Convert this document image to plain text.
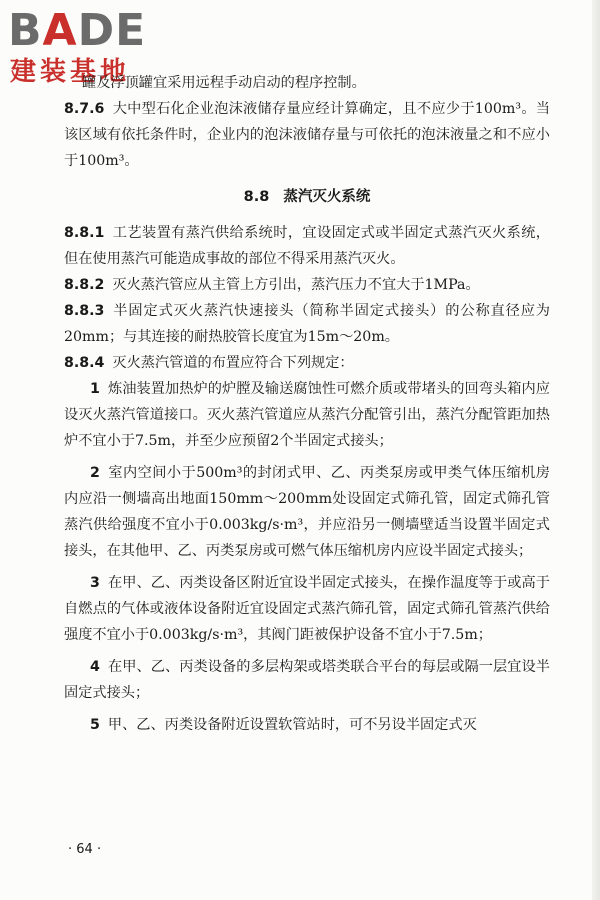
BADE
建装基地

罐及浮顶罐宜采用远程手动启动的程序控制。

8.7.6 大中型石化企业泡沫液储存量应经计算确定，且不应少于100m³。当该区域有依托条件时，企业内的泡沫液储存量与可依托的泡沫液量之和不应小于100m³。

8.8 蒸汽灭火系统

8.8.1 工艺装置有蒸汽供给系统时，宜设固定式或半固定式蒸汽灭火系统，但在使用蒸汽可能造成事故的部位不得采用蒸汽灭火。

8.8.2 灭火蒸汽管应从主管上方引出，蒸汽压力不宜大于1MPa。

8.8.3 半固定式灭火蒸汽快速接头（简称半固定式接头）的公称直径应为20mm；与其连接的耐热胶管长度宜为15m～20m。

8.8.4 灭火蒸汽管道的布置应符合下列规定：

1 炼油装置加热炉的炉膛及输送腐蚀性可燃介质或带堵头的回弯头箱内应设灭火蒸汽管道接口。灭火蒸汽管道应从蒸汽分配管引出，蒸汽分配管距加热炉不宜小于7.5m，并至少应预留2个半固定式接头；

2 室内空间小于500m³的封闭式甲、乙、丙类泵房或甲类气体压缩机房内应沿一侧墙高出地面150mm～200mm处设固定式筛孔管，固定式筛孔管蒸汽供给强度不宜小于0.003kg/s·m³，并应沿另一侧墙壁适当设置半固定式接头，在其他甲、乙、丙类泵房或可燃气体压缩机房内应设半固定式接头；

3 在甲、乙、丙类设备区附近宜设半固定式接头，在操作温度等于或高于自燃点的气体或液体设备附近宜设固定式蒸汽筛孔管，固定式筛孔管蒸汽供给强度不宜小于0.003kg/s·m³，其阀门距被保护设备不宜小于7.5m；

4 在甲、乙、丙类设备的多层构架或塔类联合平台的每层或隔一层宜设半固定式接头；

5 甲、乙、丙类设备附近设置软管站时，可不另设半固定式灭

· 64 ·
